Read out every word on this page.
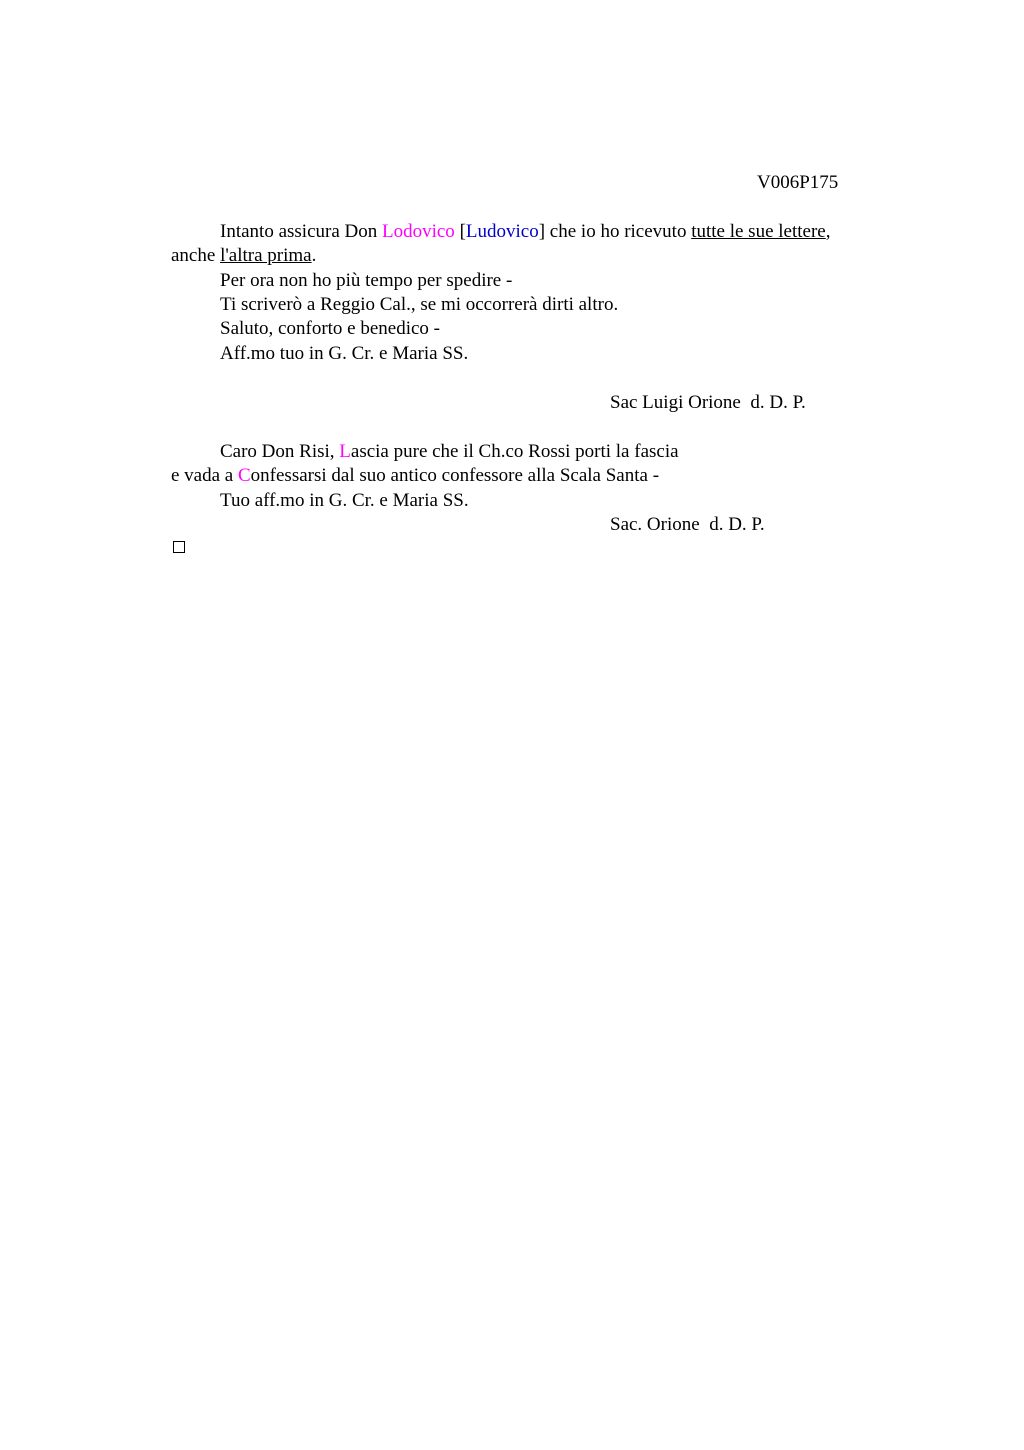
V006P175
Intanto assicura Don Lodovico [Ludovico] che io ho ricevuto tutte le sue lettere,
anche l'altra prima.
Per ora non ho più tempo per spedire -
Ti scriverò a Reggio Cal., se mi occorrerà dirti altro.
Saluto, conforto e benedico -
Aff.mo tuo in G. Cr. e Maria SS.
Sac Luigi Orione  d. D. P.
Caro Don Risi, Lascia pure che il Ch.co Rossi porti la fascia
e vada a Confessarsi dal suo antico confessore alla Scala Santa -
Tuo aff.mo in G. Cr. e Maria SS.
Sac. Orione  d. D. P.
